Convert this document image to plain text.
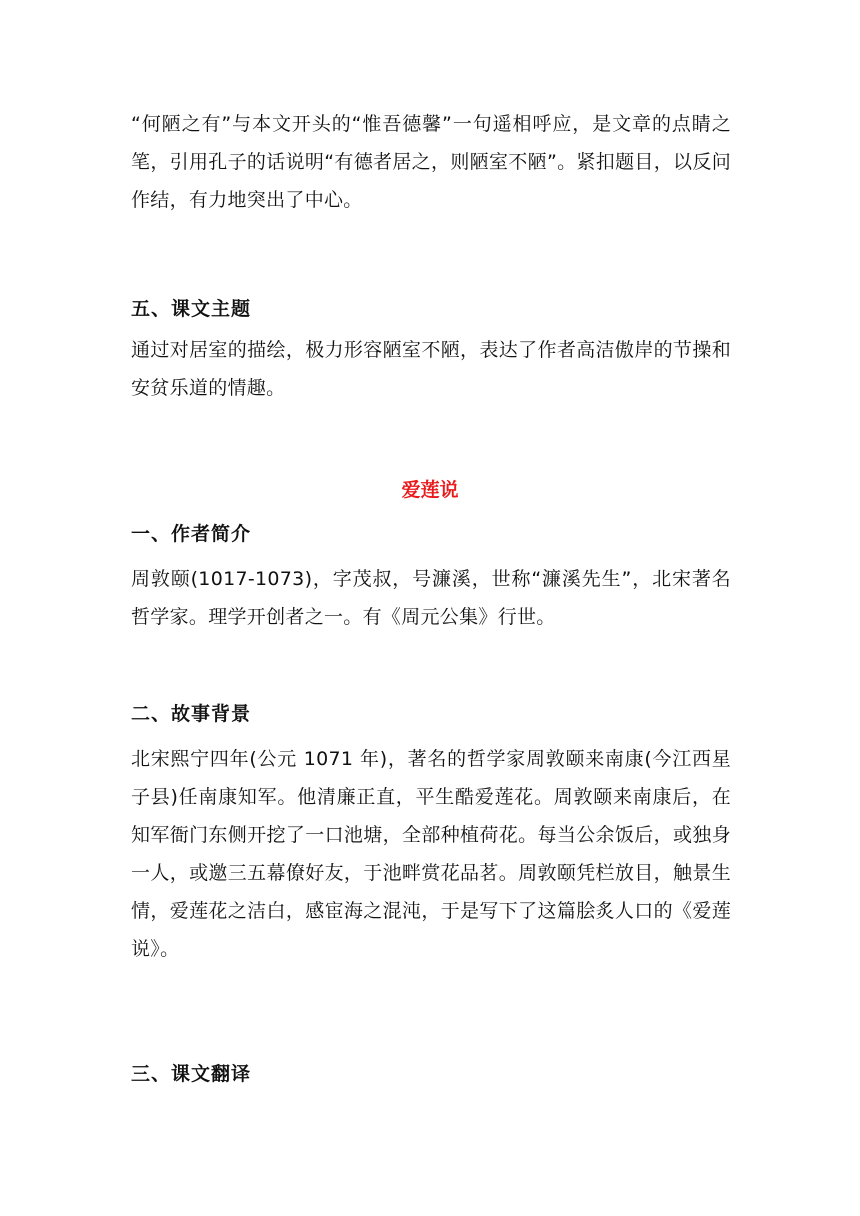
“何陋之有”与本文开头的“惟吾德馨”一句遥相呼应，是文章的点睛之笔，引用孔子的话说明“有德者居之，则陋室不陋”。紧扣题目，以反问作结，有力地突出了中心。

五、课文主题

通过对居室的描绘，极力形容陋室不陋，表达了作者高洁傲岸的节操和安贫乐道的情趣。

爱莲说

一、作者简介

周敦颐(1017-1073)，字茂叔，号濂溪，世称“濂溪先生”，北宋著名哲学家。理学开创者之一。有《周元公集》行世。

二、故事背景

北宋熙宁四年(公元 1071 年)，著名的哲学家周敦颐来南康(今江西星子县)任南康知军。他清廉正直，平生酷爱莲花。周敦颐来南康后，在知军衙门东侧开挖了一口池塘，全部种植荷花。每当公余饭后，或独身一人，或邀三五幕僚好友，于池畔赏花品茗。周敦颐凭栏放目，触景生情，爱莲花之洁白，感宦海之混沌，于是写下了这篇脍炙人口的《爱莲说》。

三、课文翻译
